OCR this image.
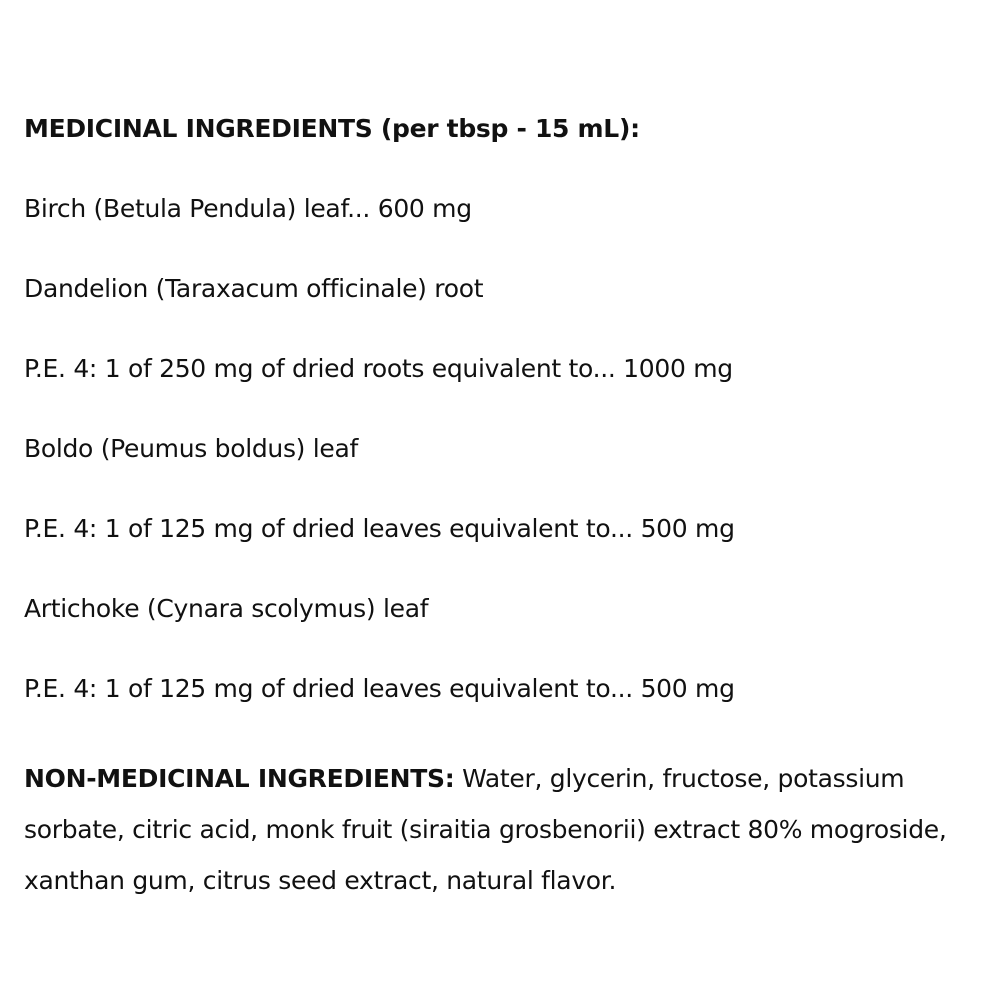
MEDICINAL INGREDIENTS (per tbsp - 15 mL):
Birch (Betula Pendula) leaf... 600 mg
Dandelion (Taraxacum officinale) root
P.E. 4: 1 of 250 mg of dried roots equivalent to... 1000 mg
Boldo (Peumus boldus) leaf
P.E. 4: 1 of 125 mg of dried leaves equivalent to... 500 mg
Artichoke (Cynara scolymus) leaf
P.E. 4: 1 of 125 mg of dried leaves equivalent to... 500 mg
NON-MEDICINAL INGREDIENTS: Water, glycerin, fructose, potassium sorbate, citric acid, monk fruit (siraitia grosbenorii) extract 80% mogroside, xanthan gum, citrus seed extract, natural flavor.
